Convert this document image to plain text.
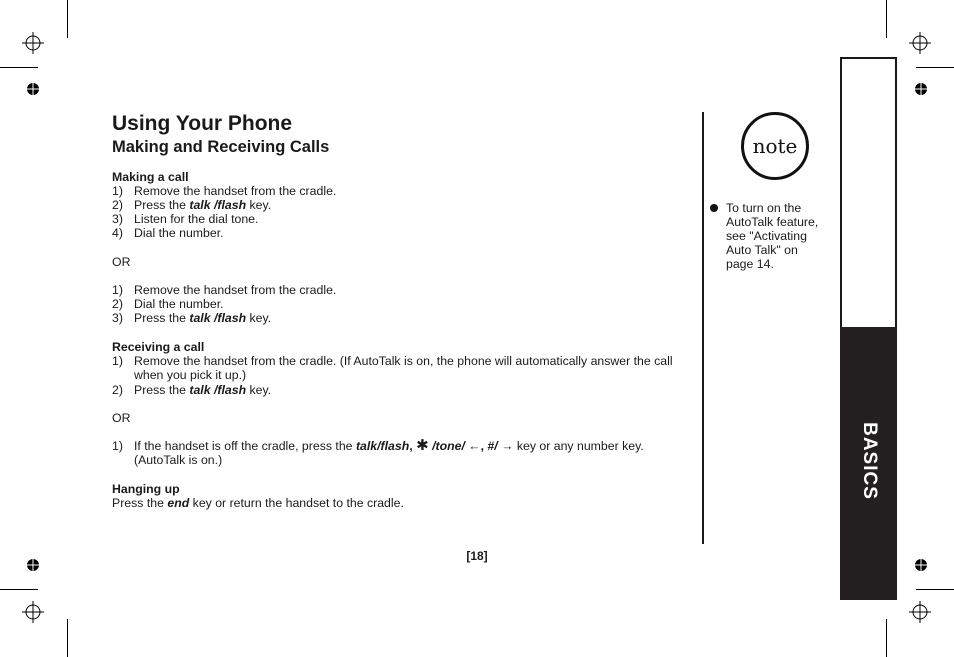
Using Your Phone
Making and Receiving Calls
Making a call
1) Remove the handset from the cradle.
2) Press the talk /flash key.
3) Listen for the dial tone.
4) Dial the number.
OR
1) Remove the handset from the cradle.
2) Dial the number.
3) Press the talk /flash key.
Receiving a call
1) Remove the handset from the cradle. (If AutoTalk is on, the phone will automatically answer the call
when you pick it up.)
2) Press the talk /flash key.
OR
1) If the handset is off the cradle, press the talk/flash, ✱ /tone/ ←, #/ → key or any number key.
(AutoTalk is on.)
Hanging up
Press the end key or return the handset to the cradle.
note
To turn on the
AutoTalk feature,
see "Activating
Auto Talk" on
page 14.
BASICS
[18]
